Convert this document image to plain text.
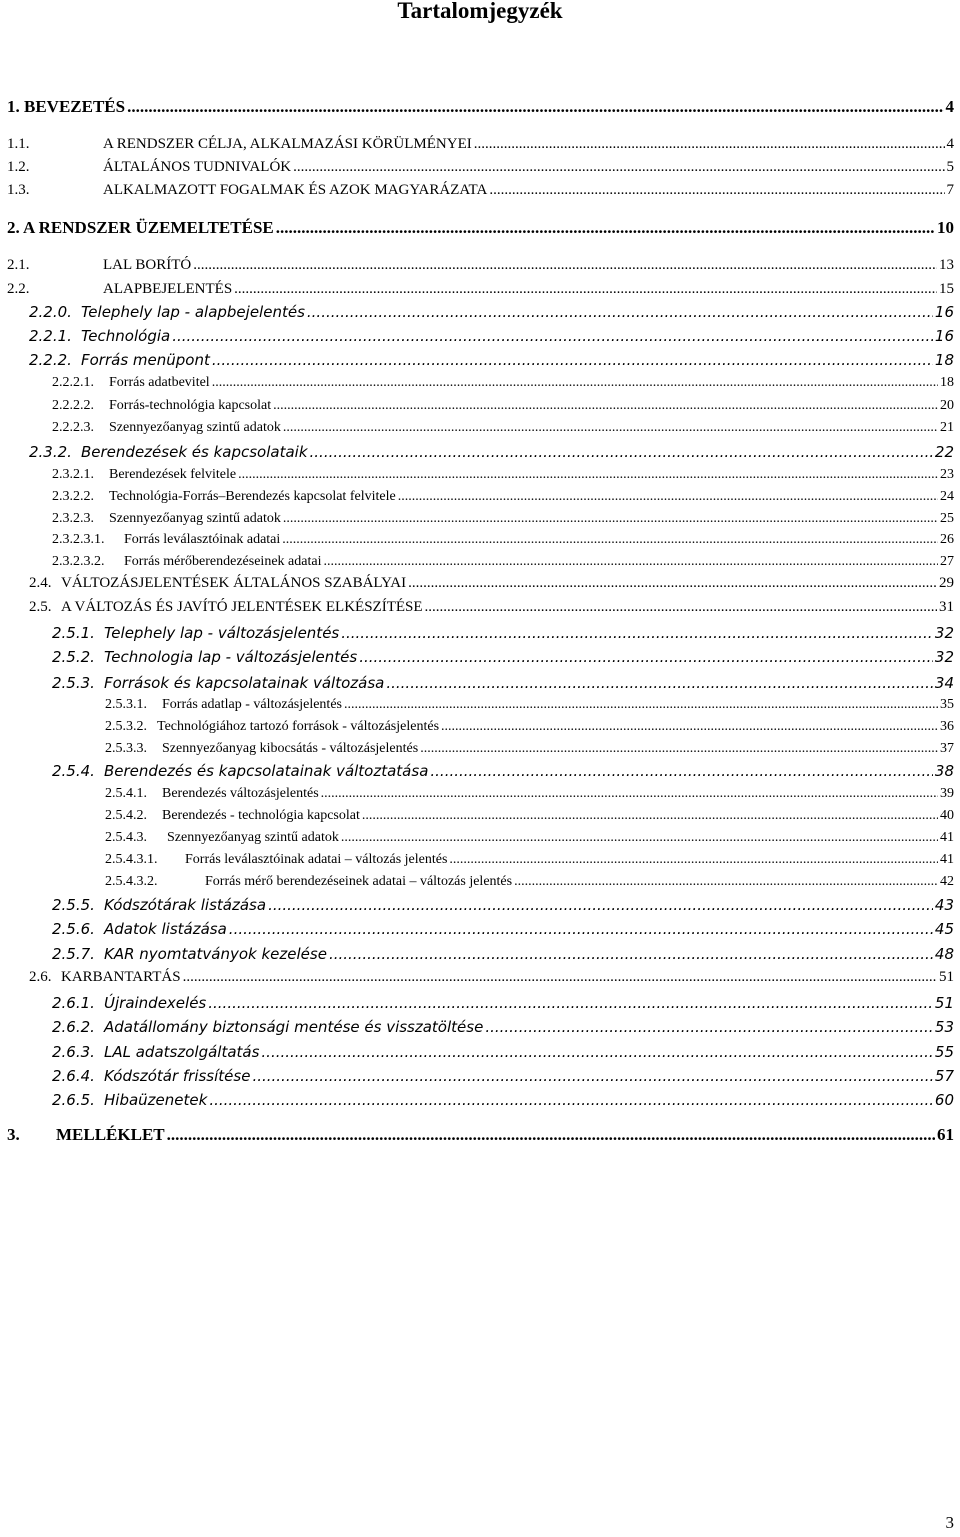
Tartalomjegyzék
1. BEVEZETÉS .....	4
1.1.	A RENDSZER CÉLJA, ALKALMAZÁSI KÖRÜLMÉNYEI .....	4
1.2.	ÁLTALÁNOS TUDNIVALÓK .....	5
1.3.	ALKALMAZOTT FOGALMAK ÉS AZOK MAGYARÁZATA .....	7
2. A RENDSZER ÜZEMELTETÉSE .....	10
2.1.	LAL BORÍTÓ .....	13
2.2.	ALAPBEJELENTÉS .....	15
2.2.0. Telephely lap - alapbejelentés .....	16
2.2.1. Technológia .....	16
2.2.2. Forrás menüpont .....	18
2.2.2.1. Forrás adatbevitel .....	18
2.2.2.2. Forrás-technológia kapcsolat .....	20
2.2.2.3. Szennyezőanyag szintű adatok .....	21
2.3.2. Berendezések és kapcsolataik .....	22
2.3.2.1. Berendezések felvitele .....	23
2.3.2.2. Technológia-Forrás–Berendezés kapcsolat felvitele .....	24
2.3.2.3. Szennyezőanyag szintű adatok .....	25
2.3.2.3.1. Forrás leválasztóinak adatai .....	26
2.3.2.3.2. Forrás mérőberendezéseinek adatai .....	27
2.4. VÁLTOZÁSJELENTÉSEK ÁLTALÁNOS SZABÁLYAI .....	29
2.5. A VÁLTOZÁS ÉS JAVÍTÓ JELENTÉSEK ELKÉSZÍTÉSE .....	31
2.5.1. Telephely lap - változásjelentés .....	32
2.5.2. Technologia lap - változásjelentés .....	32
2.5.3. Források és kapcsolatainak változása .....	34
2.5.3.1. Forrás adatlap - változásjelentés .....	35
2.5.3.2. Technológiához tartozó források - változásjelentés .....	36
2.5.3.3. Szennyezőanyag kibocsátás - változásjelentés .....	37
2.5.4. Berendezés és kapcsolatainak változtatása .....	38
2.5.4.1. Berendezés változásjelentés .....	39
2.5.4.2. Berendezés - technológia kapcsolat .....	40
2.5.4.3. Szennyezőanyag szintű adatok .....	41
2.5.4.3.1. Forrás leválasztóinak adatai – változás jelentés .....	41
2.5.4.3.2.	Forrás mérő berendezéseinek adatai – változás jelentés .....	42
2.5.5. Kódszótárak listázása .....	43
2.5.6. Adatok listázása .....	45
2.5.7. KAR nyomtatványok kezelése .....	48
2.6. KARBANTARTÁS .....	51
2.6.1. Újraindexelés .....	51
2.6.2. Adatállomány biztonsági mentése és visszatöltése .....	53
2.6.3. LAL adatszolgáltatás .....	55
2.6.4. Kódszótár frissítése .....	57
2.6.5. Hibaüzenetek .....	60
3. MELLÉKLET .....	61
3
